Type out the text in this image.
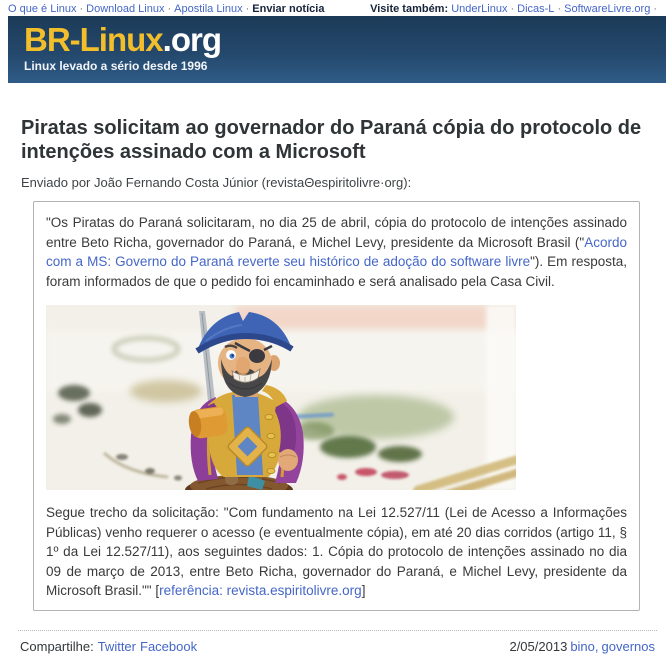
O que é Linux · Download Linux · Apostila Linux · Enviar notícia	Visite também: UnderLinux · Dicas-L · SoftwareLivre.org ·
BR-Linux.org
Linux levado a sério desde 1996
Piratas solicitam ao governador do Paraná cópia do protocolo de intenções assinado com a Microsoft

Enviado por João Fernando Costa Júnior (revistaΘespiritolivre·org):

"Os Piratas do Paraná solicitaram, no dia 25 de abril, cópia do protocolo de intenções assinado entre Beto Richa, governador do Paraná, e Michel Levy, presidente da Microsoft Brasil ("Acordo com a MS: Governo do Paraná reverte seu histórico de adoção do software livre"). Em resposta, foram informados de que o pedido foi encaminhado e será analisado pela Casa Civil.

Segue trecho da solicitação: "Com fundamento na Lei 12.527/11 (Lei de Acesso a Informações Públicas) venho requerer o acesso (e eventualmente cópia), em até 20 dias corridos (artigo 11, § 1º da Lei 12.527/11), aos seguintes dados: 1. Cópia do protocolo de intenções assinado no dia 09 de março de 2013, entre Beto Richa, governador do Paraná, e Michel Levy, presidente da Microsoft Brasil."" [referência: revista.espiritolivre.org]

Compartilhe: Twitter Facebook	2/05/2013 bino, governos
